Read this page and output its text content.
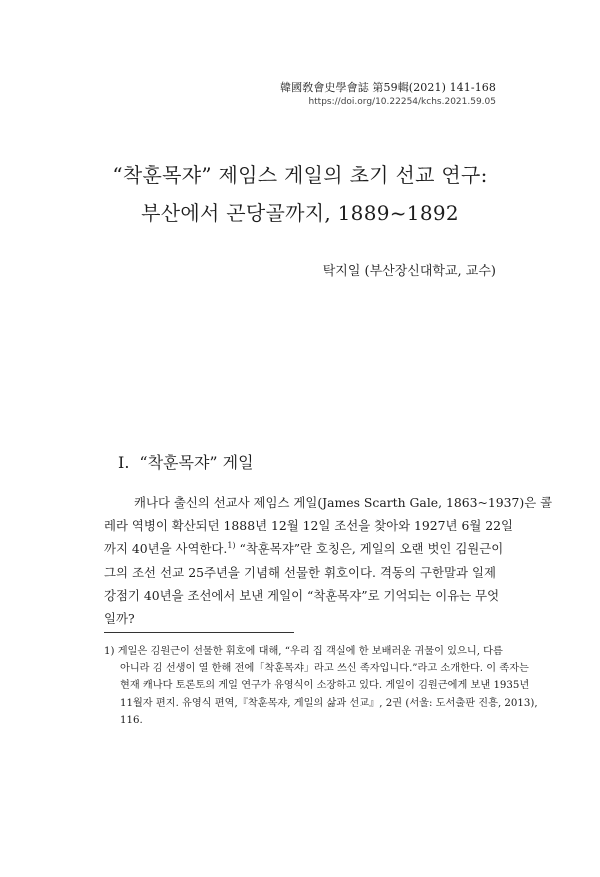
韓國敎會史學會誌 第59輯(2021) 141-168
https://doi.org/10.22254/kchs.2021.59.05
“착훈목쟈” 제임스 게일의 초기 선교 연구:
부산에서 곤당골까지, 1889~1892
탁지일 (부산장신대학교, 교수)
Ⅰ. “착훈목쟈” 게일

캐나다 출신의 선교사 제임스 게일(James Scarth Gale, 1863~1937)은 콜
레라 역병이 확산되던 1888년 12월 12일 조선을 찾아와 1927년 6월 22일
까지 40년을 사역한다.$^{1)}$ “착훈목쟈”란 호칭은, 게일의 오랜 벗인 김원근이
그의 조선 선교 25주년을 기념해 선물한 휘호이다. 격동의 구한말과 일제
강점기 40년을 조선에서 보낸 게일이 “착훈목쟈”로 기억되는 이유는 무엇
일까?

1) 게일은 김원근이 선물한 휘호에 대해, “우리 집 객실에 한 보배러운 귀물이 있으니, 다름
아니라 김 선생이 열 한해 전에「착훈목쟈」라고 쓰신 족자입니다.”라고 소개한다. 이 족자는
현재 캐나다 토론토의 게일 연구가 유영식이 소장하고 있다. 게일이 김원근에게 보낸 1935년
11월자 편지. 유영식 편역,『착훈목쟈, 게일의 삶과 선교』, 2권 (서울: 도서출판 진흥, 2013),
116.
